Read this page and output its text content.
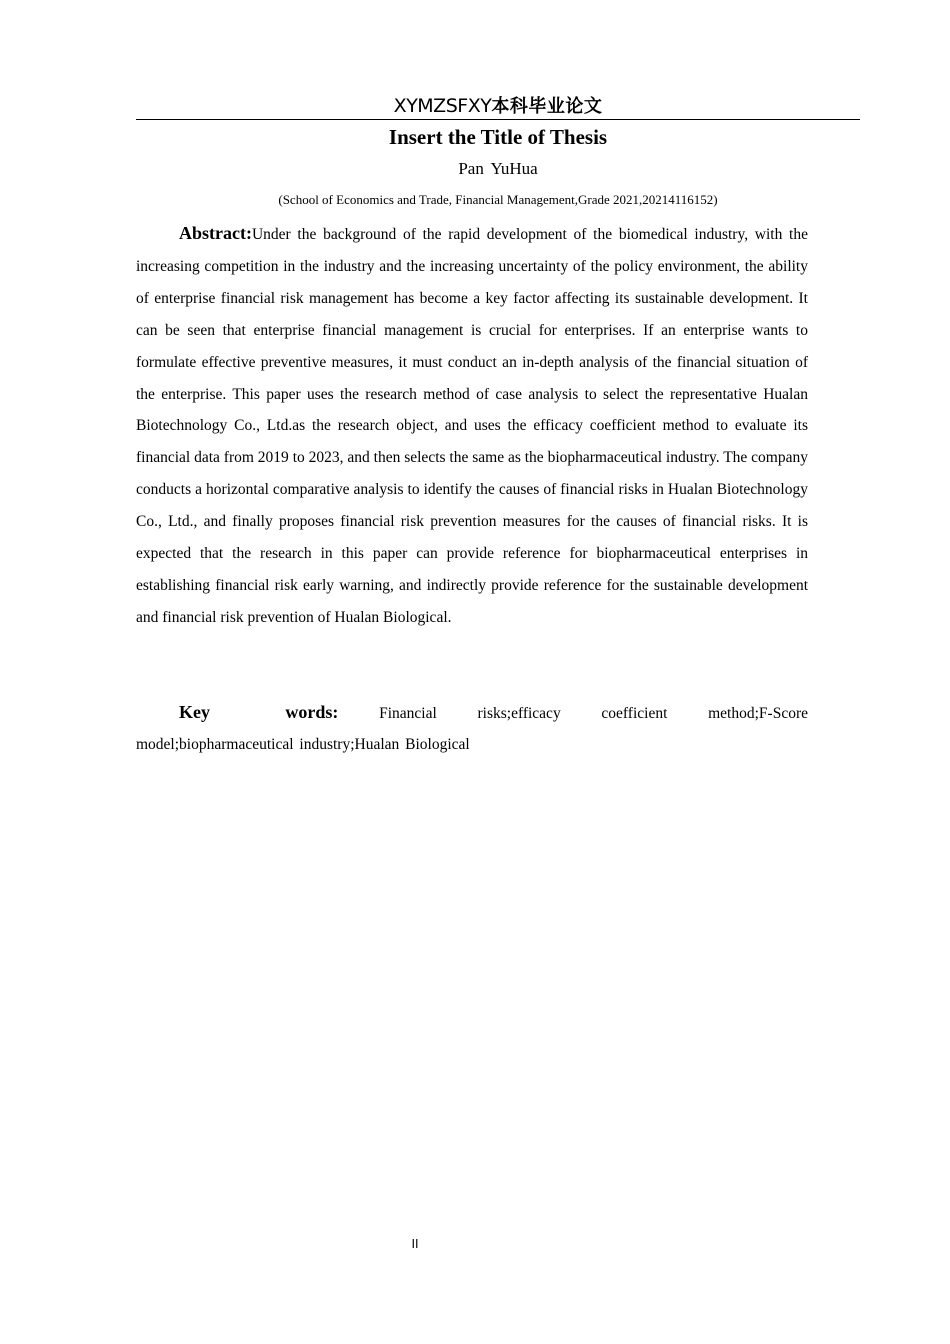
XYMZSFXY本科毕业论文
Insert the Title of Thesis
Pan YuHua
(School of Economics and Trade, Financial Management,Grade 2021,20214116152)

Abstract:Under the background of the rapid development of the biomedical industry, with the increasing competition in the industry and the increasing uncertainty of the policy environment, the ability of enterprise financial risk management has become a key factor affecting its sustainable development. It can be seen that enterprise financial management is crucial for enterprises. If an enterprise wants to formulate effective preventive measures, it must conduct an in-depth analysis of the financial situation of the enterprise. This paper uses the research method of case analysis to select the representative Hualan Biotechnology Co., Ltd.as the research object, and uses the efficacy coefficient method to evaluate its financial data from 2019 to 2023, and then selects the same as the biopharmaceutical industry. The company conducts a horizontal comparative analysis to identify the causes of financial risks in Hualan Biotechnology Co., Ltd., and finally proposes financial risk prevention measures for the causes of financial risks. It is expected that the research in this paper can provide reference for biopharmaceutical enterprises in establishing financial risk early warning, and indirectly provide reference for the sustainable development and financial risk prevention of Hualan Biological.

Key words:	Financial risks;efficacy coefficient method;F-Score
model;biopharmaceutical industry;Hualan Biological

II
